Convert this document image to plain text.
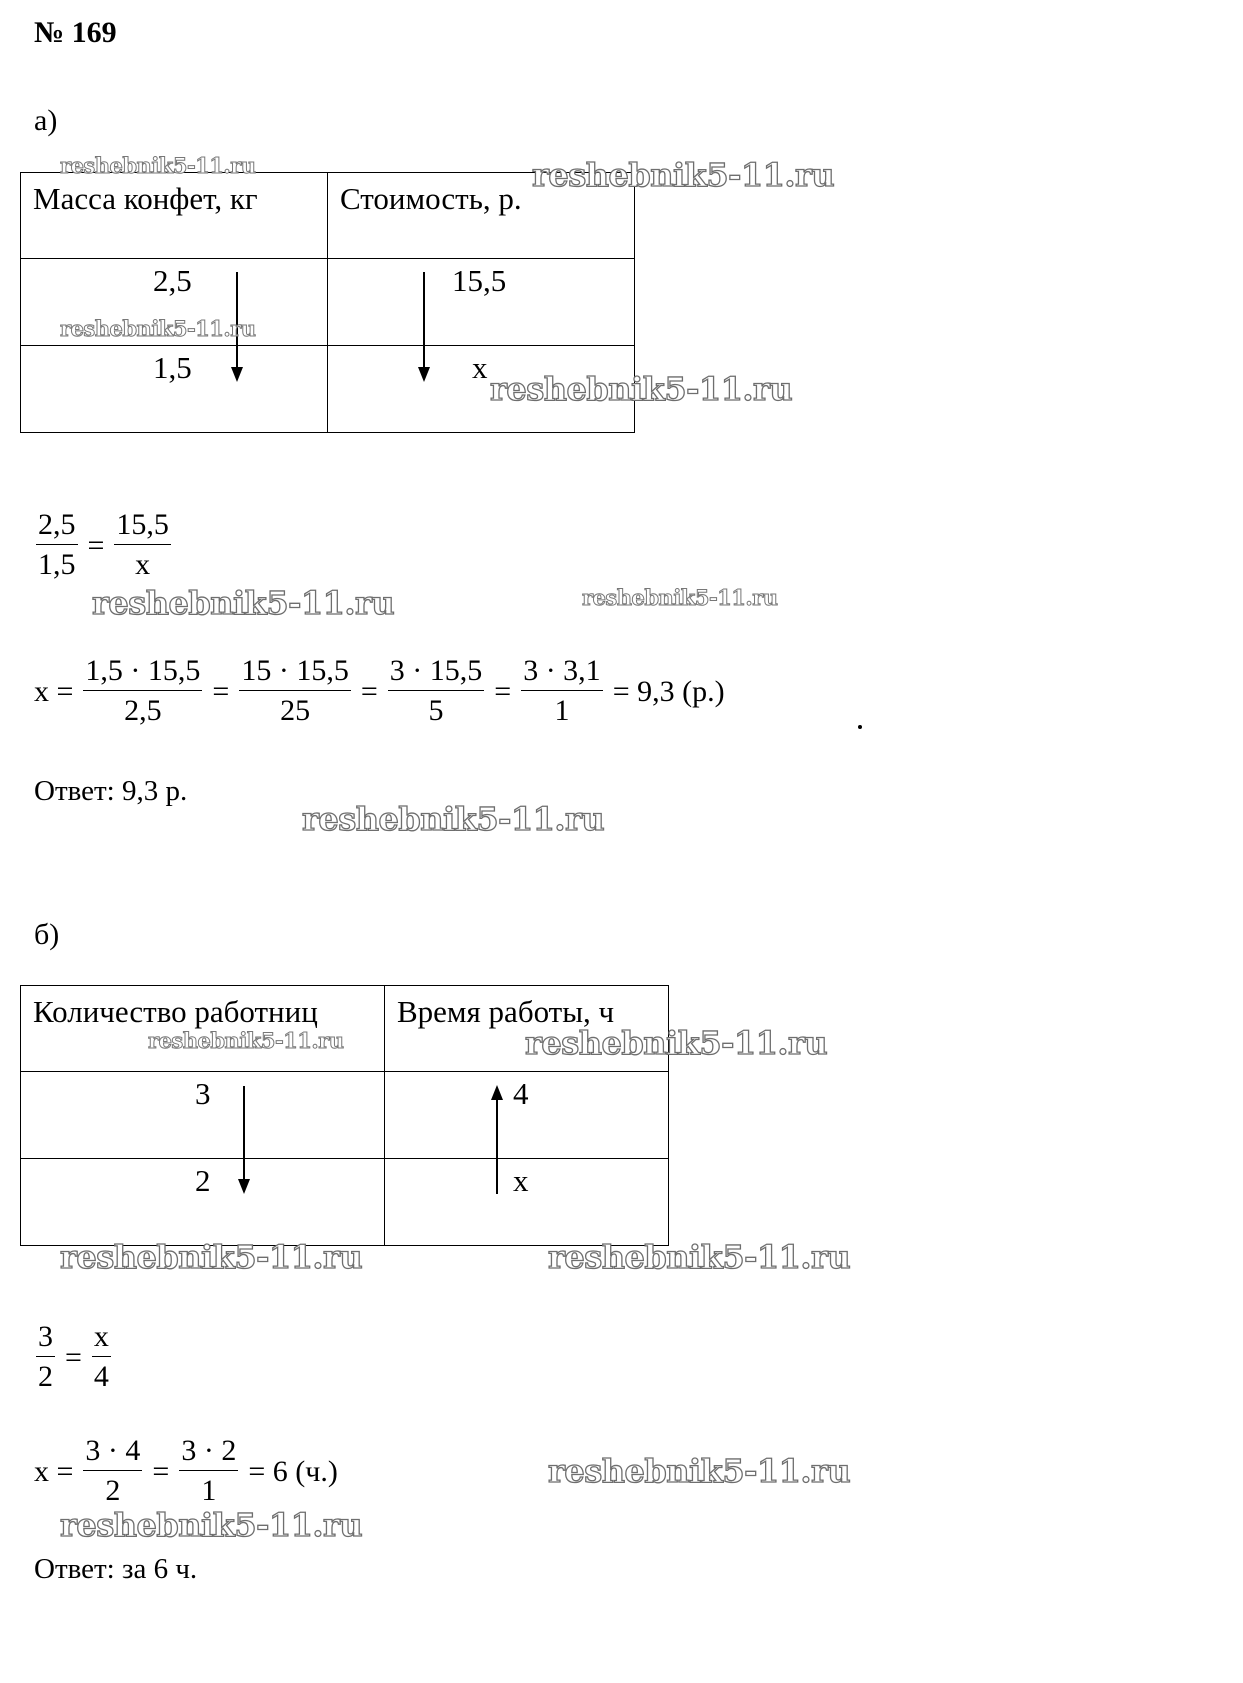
№ 169
а)
Масса конфет, кг	Стоимость, р.

2,5	15,5

1,5	x
$\frac{2,5}{1,5} = \frac{15,5}{x}$
$x = \frac{1,5 \cdot 15,5}{2,5} = \frac{15 \cdot 15,5}{25} = \frac{3 \cdot 15,5}{5} = \frac{3 \cdot 3,1}{1} = 9,3$ (р.)
Ответ: 9,3 р.
б)
Количество работниц	Время работы, ч

3	4

2	x
$\frac{3}{2} = \frac{x}{4}$
$x = \frac{3 \cdot 4}{2} = \frac{3 \cdot 2}{1} = 6$ (ч.)
Ответ: за 6 ч.
reshebnik5-11.ru	reshebnik5-11.ru
reshebnik5-11.ru
reshebnik5-11.ru
reshebnik5-11.ru	reshebnik5-11.ru
reshebnik5-11.ru
reshebnik5-11.ru	reshebnik5-11.ru
reshebnik5-11.ru	reshebnik5-11.ru
reshebnik5-11.ru
reshebnik5-11.ru
